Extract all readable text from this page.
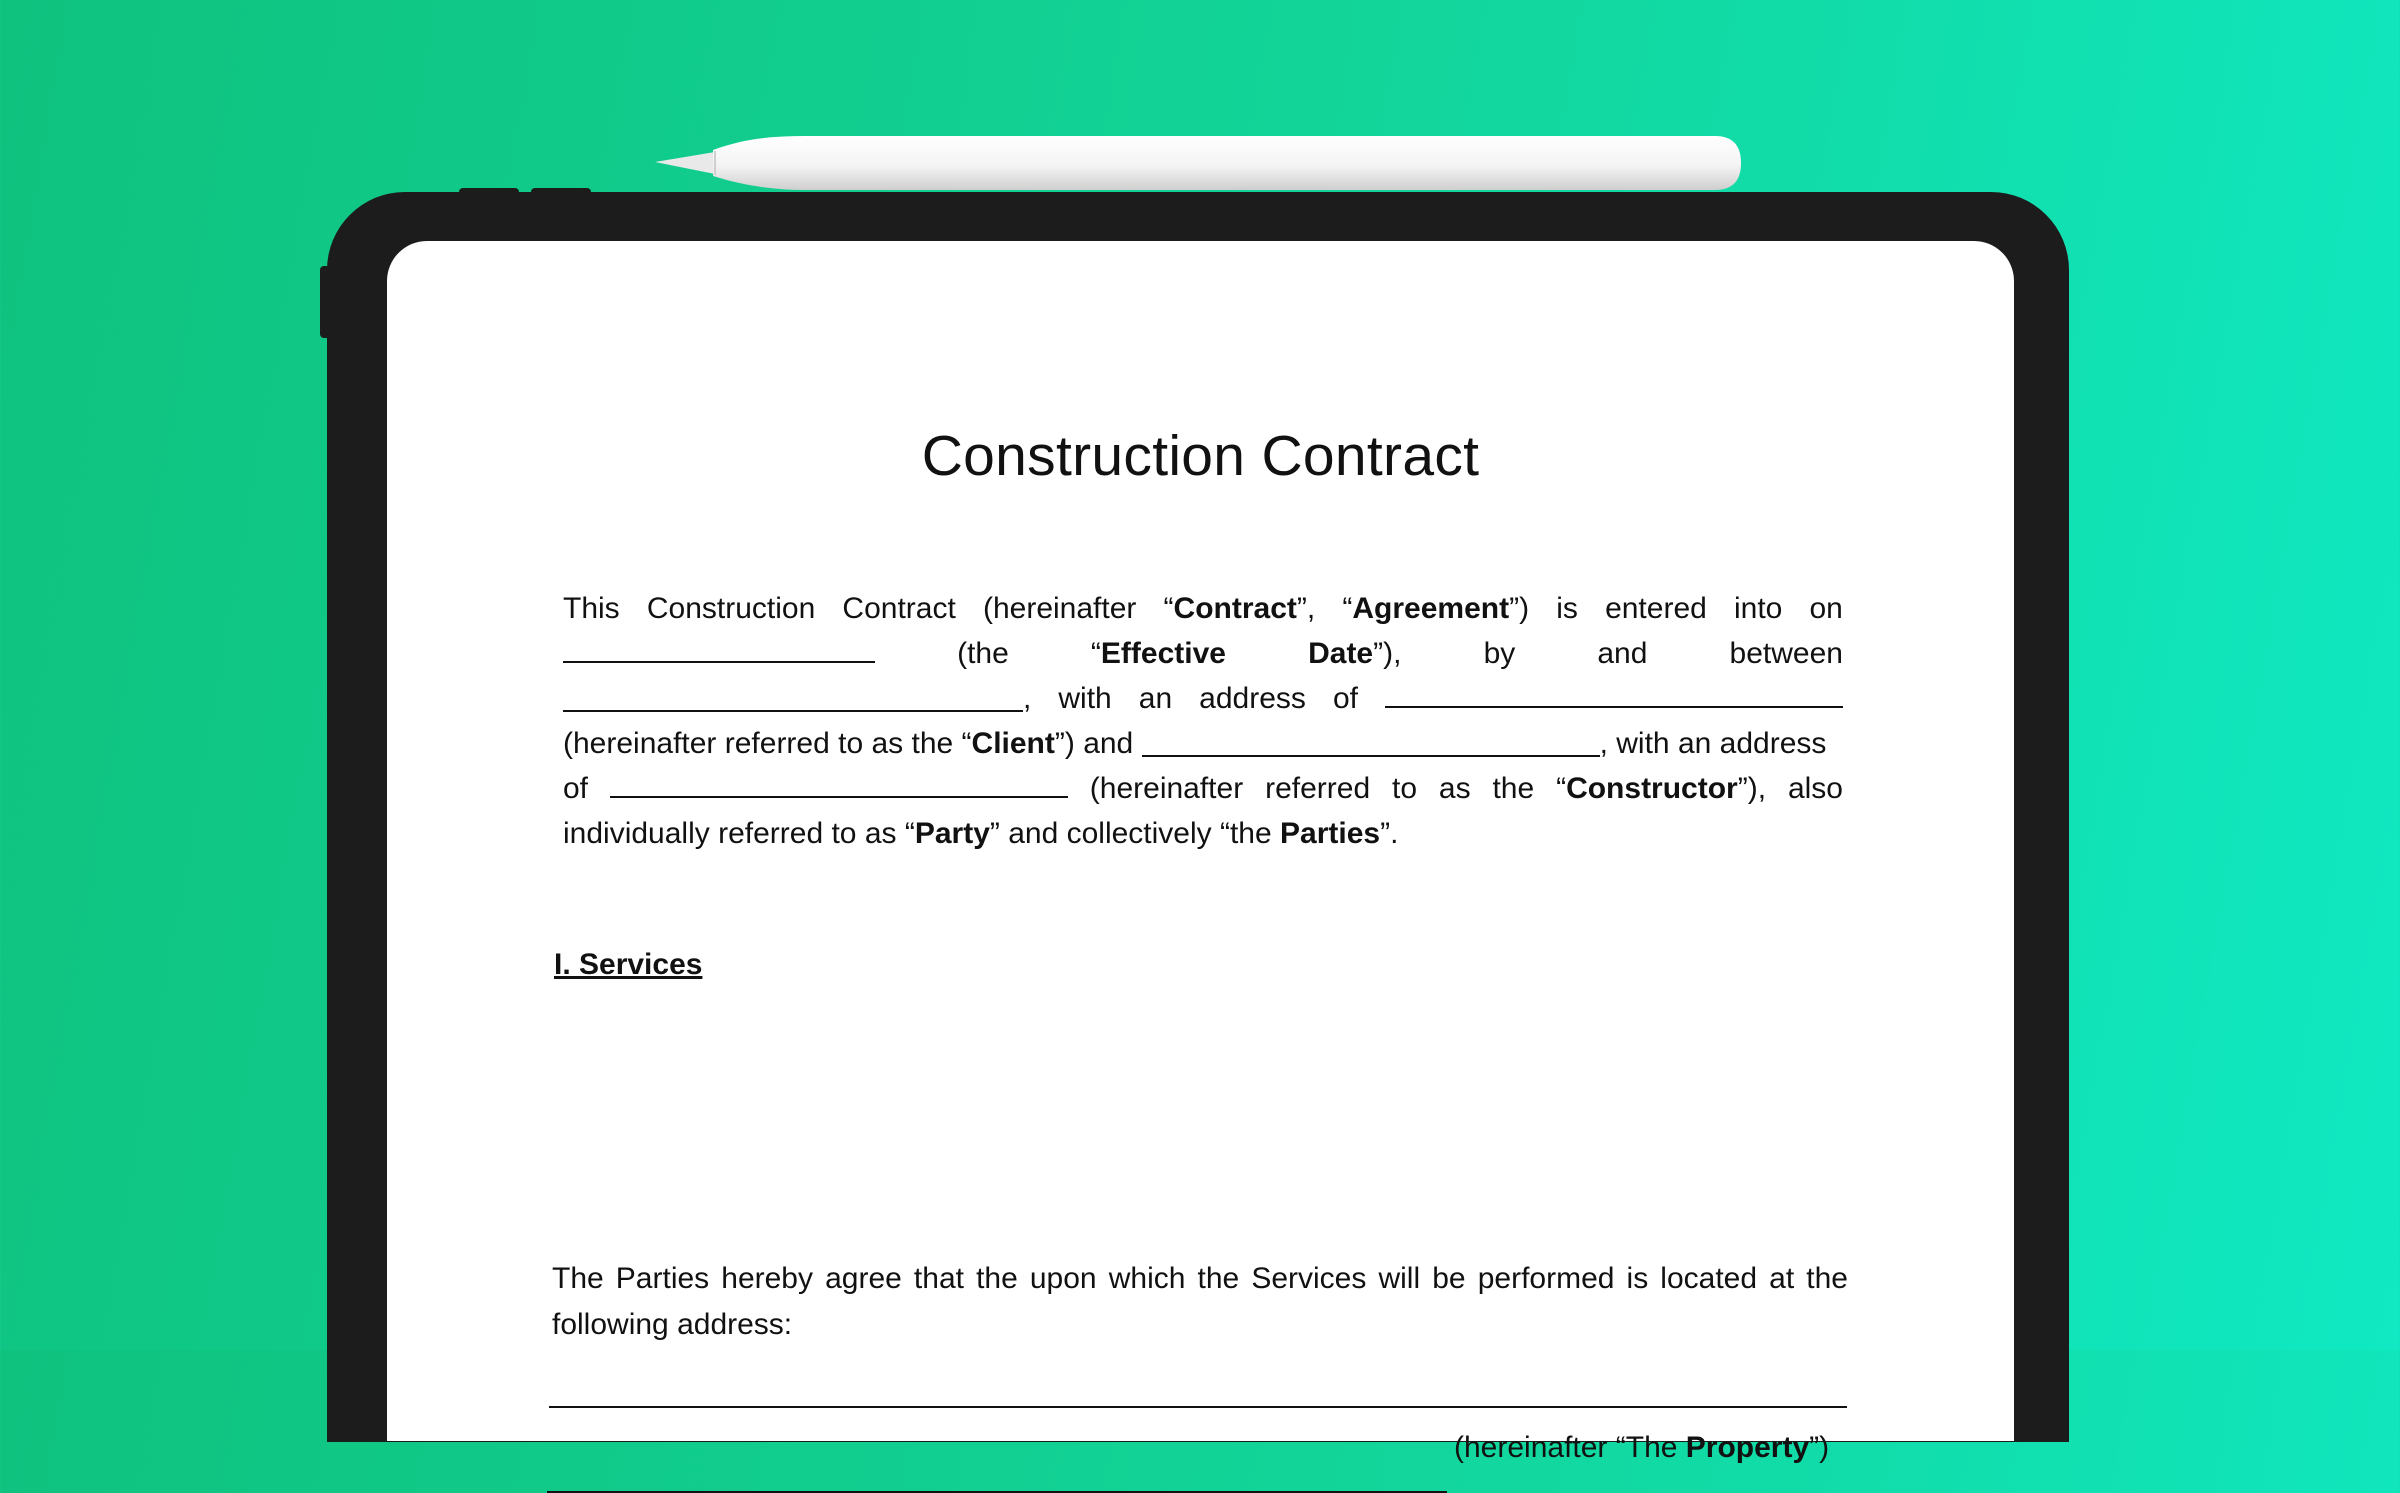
Construction Contract
This Construction Contract (hereinafter “Contract”, “Agreement”) is entered into on
(the	“Effective	Date”),	by	and	between
, with an address of
(hereinafter referred to as the “Client”) and	, with an address
of	(hereinafter referred to as the “Constructor”), also
individually referred to as “Party” and collectively “the Parties”.
I. Services
The Parties hereby agree that the upon which the Services will be performed is located at the
following address:
(hereinafter “The Property”)
